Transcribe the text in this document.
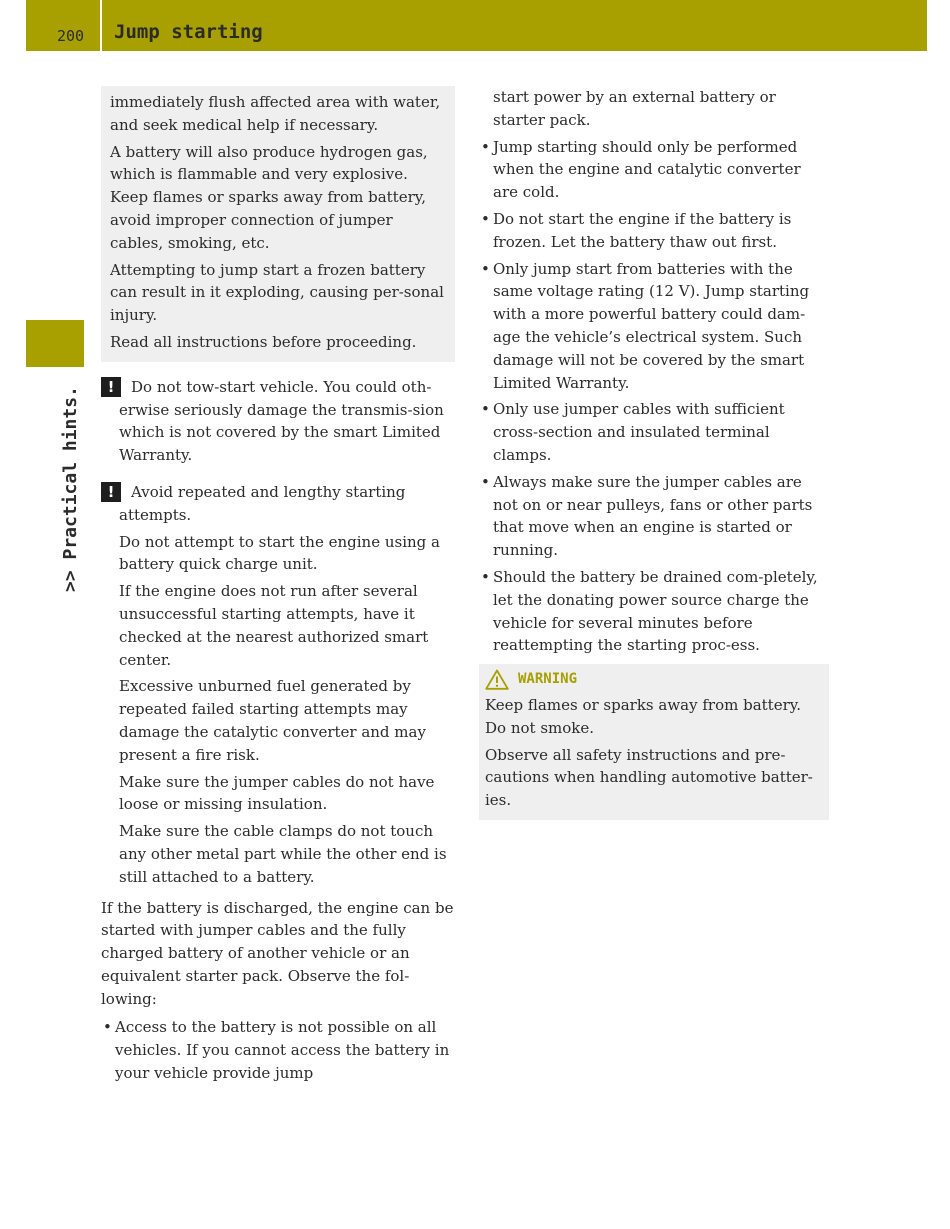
200 Jump starting
>> Practical hints.

immediately flush affected area with water, and seek medical help if necessary.

A battery will also produce hydrogen gas, which is flammable and very explosive. Keep flames or sparks away from battery, avoid improper connection of jumper cables, smoking, etc.

Attempting to jump start a frozen battery can result in it exploding, causing per-sonal injury.

Read all instructions before proceeding.

!	Do not tow-start vehicle. You could oth-erwise seriously damage the transmis-sion which is not covered by the smart Limited Warranty.

!	Avoid repeated and lengthy starting attempts.

Do not attempt to start the engine using a battery quick charge unit.

If the engine does not run after several unsuccessful starting attempts, have it checked at the nearest authorized smart center.

Excessive unburned fuel generated by repeated failed starting attempts may damage the catalytic converter and may present a fire risk.

Make sure the jumper cables do not have loose or missing insulation.

Make sure the cable clamps do not touch any other metal part while the other end is still attached to a battery.

If the battery is discharged, the engine can be started with jumper cables and the fully charged battery of another vehicle or an equivalent starter pack. Observe the fol-lowing:

• Access to the battery is not possible on all vehicles. If you cannot access the battery in your vehicle provide jump

start power by an external battery or starter pack.

• Jump starting should only be performed when the engine and catalytic converter are cold.
• Do not start the engine if the battery is frozen. Let the battery thaw out first.
• Only jump start from batteries with the same voltage rating (12 V). Jump starting with a more powerful battery could dam-age the vehicle’s electrical system. Such damage will not be covered by the smart Limited Warranty.
• Only use jumper cables with sufficient cross-section and insulated terminal clamps.
• Always make sure the jumper cables are not on or near pulleys, fans or other parts that move when an engine is started or running.
• Should the battery be drained com-pletely, let the donating power source charge the vehicle for several minutes before reattempting the starting proc-ess.
WARNING

Keep flames or sparks away from battery. Do not smoke.

Observe all safety instructions and pre-cautions when handling automotive batter-ies.
